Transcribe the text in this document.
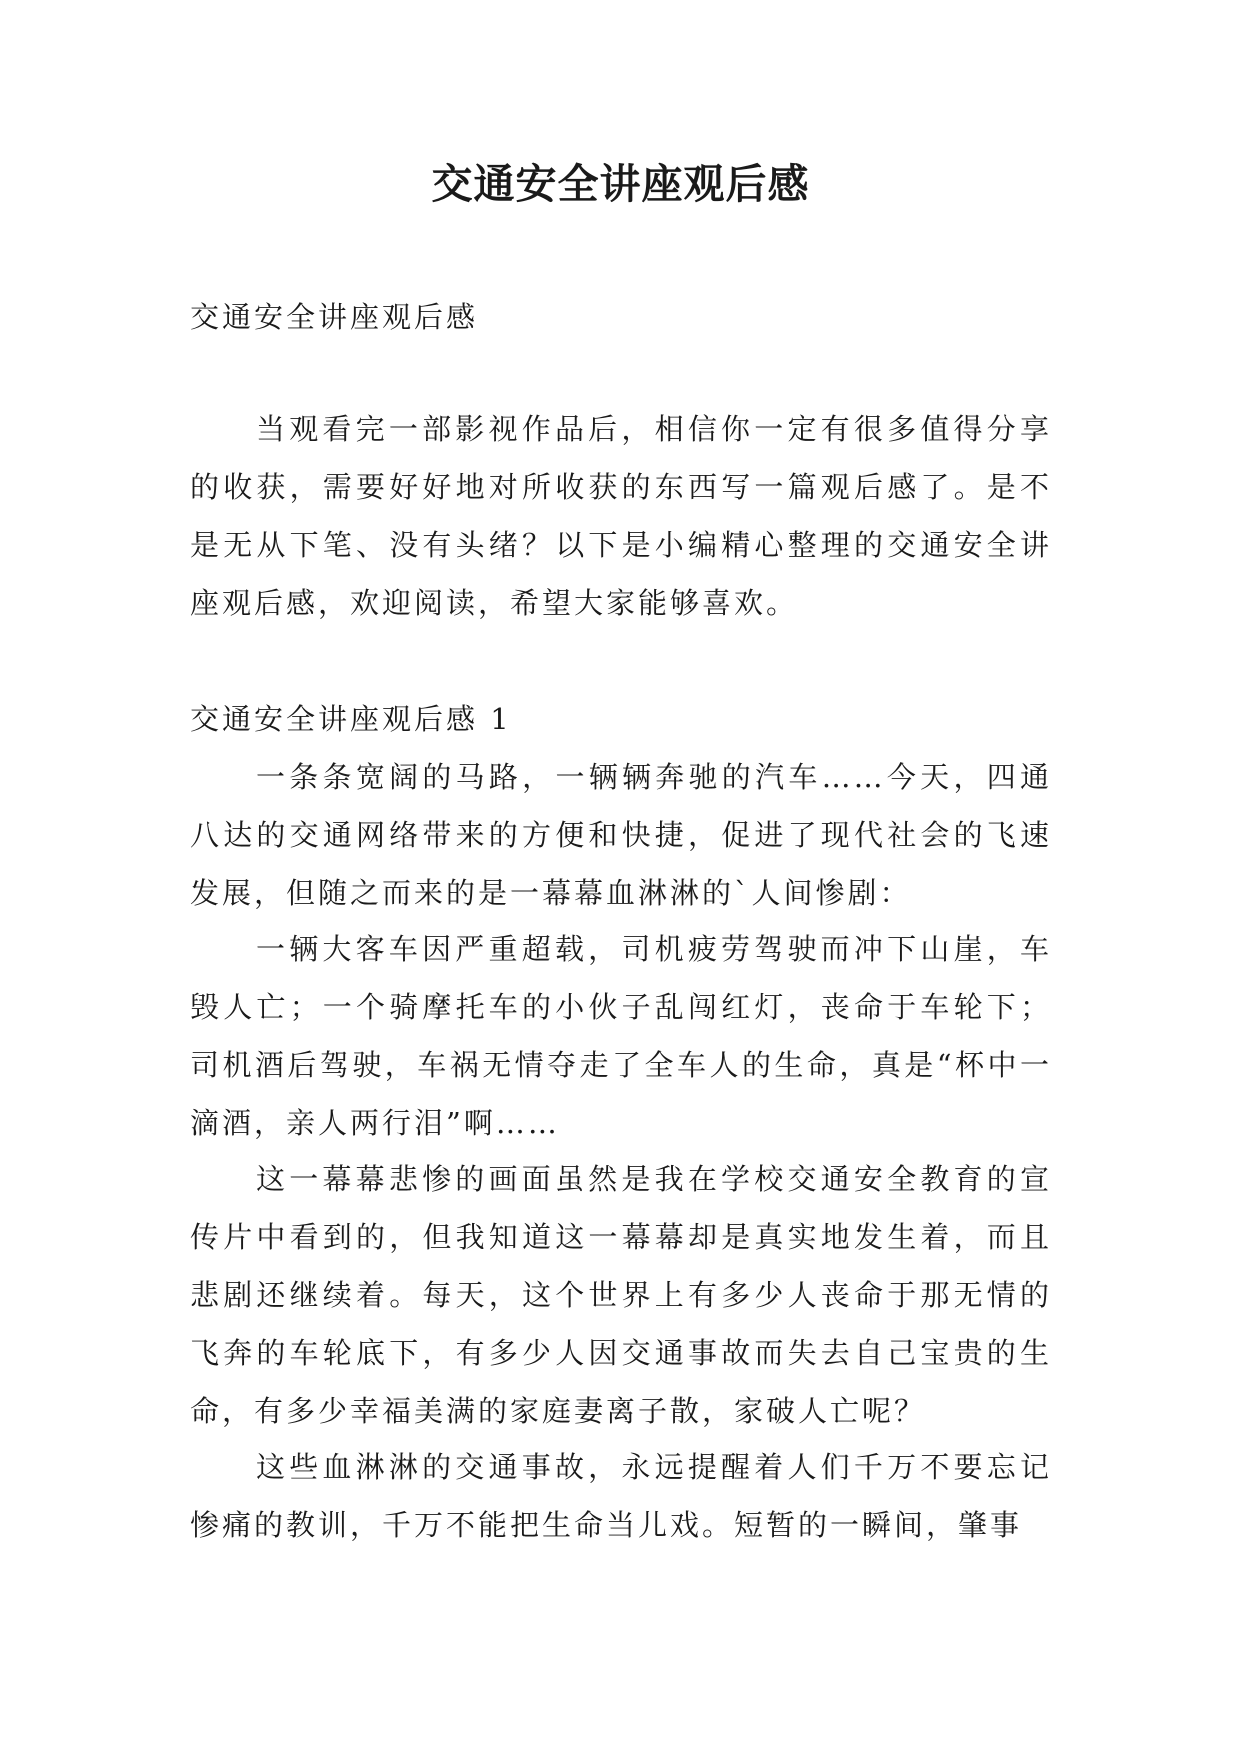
交通安全讲座观后感

交通安全讲座观后感

当观看完一部影视作品后，相信你一定有很多值得分享的收获，需要好好地对所收获的东西写一篇观后感了。是不是无从下笔、没有头绪？以下是小编精心整理的交通安全讲座观后感，欢迎阅读，希望大家能够喜欢。

交通安全讲座观后感 1

一条条宽阔的马路，一辆辆奔驰的汽车……今天，四通八达的交通网络带来的方便和快捷，促进了现代社会的飞速发展，但随之而来的是一幕幕血淋淋的`人间惨剧：

一辆大客车因严重超载，司机疲劳驾驶而冲下山崖，车毁人亡；一个骑摩托车的小伙子乱闯红灯，丧命于车轮下；司机酒后驾驶，车祸无情夺走了全车人的生命，真是“杯中一滴酒，亲人两行泪”啊……

这一幕幕悲惨的画面虽然是我在学校交通安全教育的宣传片中看到的，但我知道这一幕幕却是真实地发生着，而且悲剧还继续着。每天，这个世界上有多少人丧命于那无情的飞奔的车轮底下，有多少人因交通事故而失去自己宝贵的生命，有多少幸福美满的家庭妻离子散，家破人亡呢？

这些血淋淋的交通事故，永远提醒着人们千万不要忘记惨痛的教训，千万不能把生命当儿戏。短暂的一瞬间，肇事
